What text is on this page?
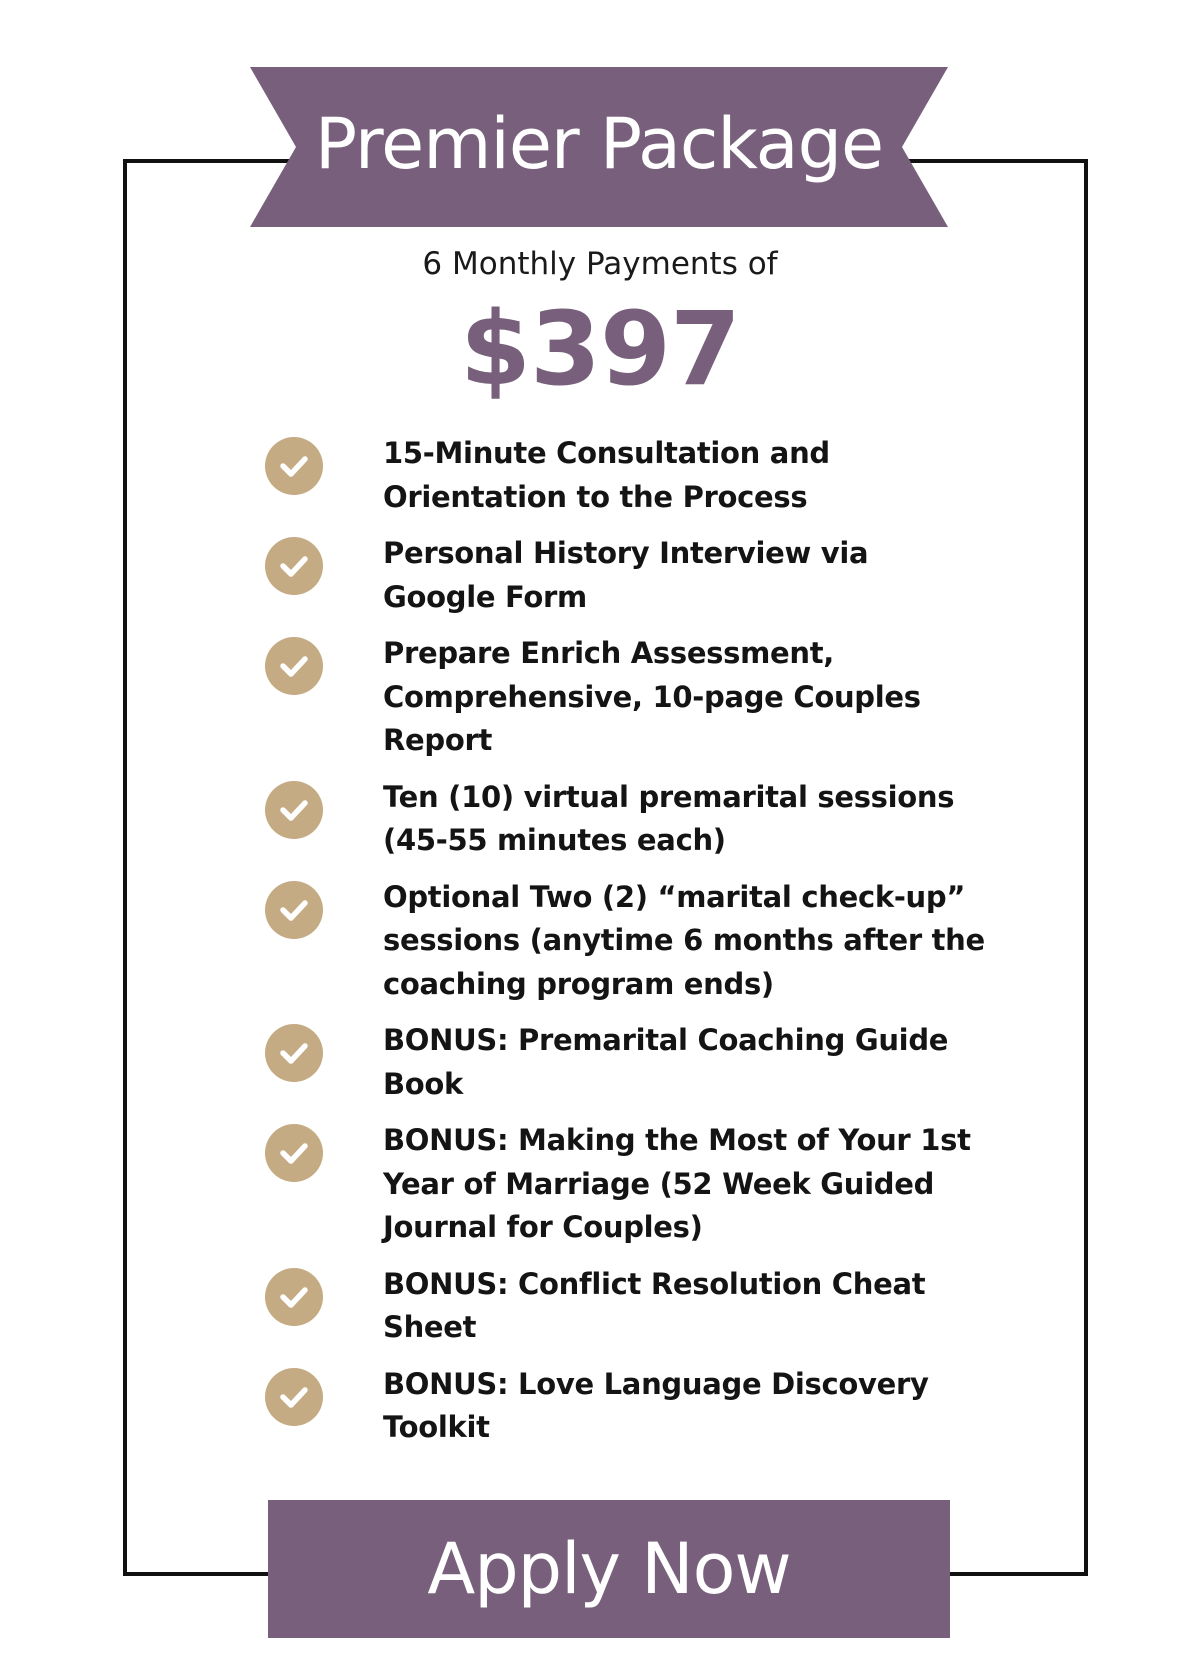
Premier Package
6 Monthly Payments of
$397
15-Minute Consultation and Orientation to the Process
Personal History Interview via Google Form
Prepare Enrich Assessment, Comprehensive, 10-page Couples Report
Ten (10) virtual premarital sessions (45-55 minutes each)
Optional Two (2) “marital check-up” sessions (anytime 6 months after the coaching program ends)
BONUS: Premarital Coaching Guide Book
BONUS: Making the Most of Your 1st Year of Marriage (52 Week Guided Journal for Couples)
BONUS: Conflict Resolution Cheat Sheet
BONUS: Love Language Discovery Toolkit
Apply Now
